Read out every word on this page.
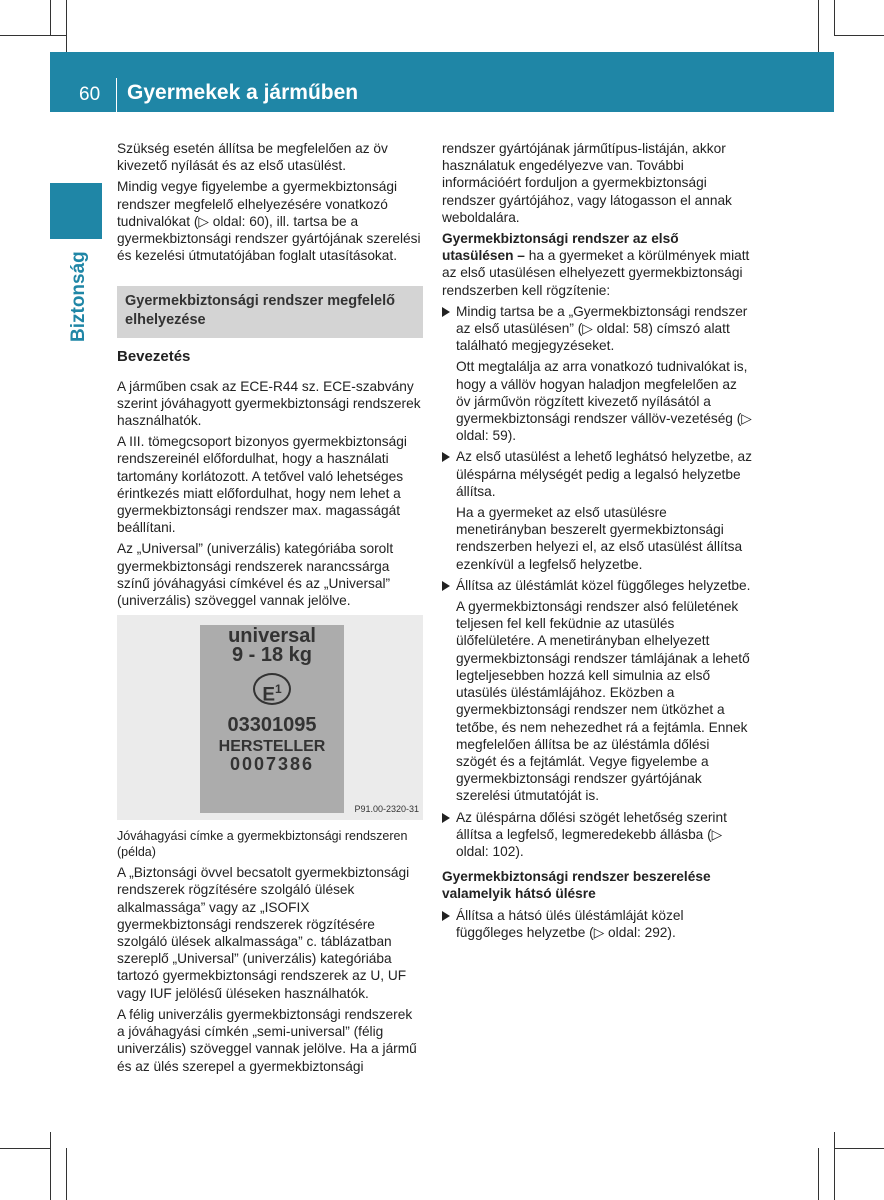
60 Gyermekek a járműben
Biztonság

Szükség esetén állítsa be megfelelően az öv kivezető nyílását és az első utasülést.

Mindig vegye figyelembe a gyermekbiztonsági rendszer megfelelő elhelyezésére vonatkozó tudnivalókat (▷ oldal: 60), ill. tartsa be a gyermekbiztonsági rendszer gyártójának szerelési és kezelési útmutatójában foglalt utasításokat.

Gyermekbiztonsági rendszer megfelelő elhelyezése
Bevezetés

A járműben csak az ECE-R44 sz. ECE-szabvány szerint jóváhagyott gyermekbiztonsági rendszerek használhatók.

A III. tömegcsoport bizonyos gyermekbiztonsági rendszereinél előfordulhat, hogy a használati tartomány korlátozott. A tetővel való lehetséges érintkezés miatt előfordulhat, hogy nem lehet a gyermekbiztonsági rendszer max. magasságát beállítani.

Az „Universal” (univerzális) kategóriába sorolt gyermekbiztonsági rendszerek narancssárga színű jóváhagyási címkével és az „Universal” (univerzális) szöveggel vannak jelölve.

universal
9 - 18 kg
$E^1$
03301095
HERSTELLER
0007386
P91.00-2320-31

Jóváhagyási címke a gyermekbiztonsági rendszeren (példa)

A „Biztonsági övvel becsatolt gyermekbiztonsági rendszerek rögzítésére szolgáló ülések alkalmassága” vagy az „ISOFIX gyermekbiztonsági rendszerek rögzítésére szolgáló ülések alkalmassága” c. táblázatban szereplő „Universal” (univerzális) kategóriába tartozó gyermekbiztonsági rendszerek az U, UF vagy IUF jelölésű üléseken használhatók.

A félig univerzális gyermekbiztonsági rendszerek a jóváhagyási címkén „semi-universal” (félig univerzális) szöveggel vannak jelölve. Ha a jármű és az ülés szerepel a gyermekbiztonsági

rendszer gyártójának járműtípus-listáján, akkor használatuk engedélyezve van. További információért forduljon a gyermekbiztonsági rendszer gyártójához, vagy látogasson el annak weboldalára.

Gyermekbiztonsági rendszer az első utasülésen – ha a gyermeket a körülmények miatt az első utasülésen elhelyezett gyermekbiztonsági rendszerben kell rögzítenie:

Mindig tartsa be a „Gyermekbiztonsági rendszer az első utasülésen” (▷ oldal: 58) címszó alatt található megjegyzéseket.

Ott megtalálja az arra vonatkozó tudnivalókat is, hogy a vállöv hogyan haladjon megfelelően az öv járművön rögzített kivezető nyílásától a gyermekbiztonsági rendszer vállöv-vezetéség (▷ oldal: 59).

Az első utasülést a lehető leghátsó helyzetbe, az üléspárna mélységét pedig a legalsó helyzetbe állítsa.

Ha a gyermeket az első utasülésre menetirányban beszerelt gyermekbiztonsági rendszerben helyezi el, az első utasülést állítsa ezenkívül a legfelső helyzetbe.

Állítsa az üléstámlát közel függőleges helyzetbe.

A gyermekbiztonsági rendszer alsó felületének teljesen fel kell feküdnie az utasülés ülőfelületére. A menetirányban elhelyezett gyermekbiztonsági rendszer támlájának a lehető legteljesebben hozzá kell simulnia az első utasülés üléstámlájához. Eközben a gyermekbiztonsági rendszer nem ütközhet a tetőbe, és nem nehezedhet rá a fejtámla. Ennek megfelelően állítsa be az üléstámla dőlési szögét és a fejtámlát. Vegye figyelembe a gyermekbiztonsági rendszer gyártójának szerelési útmutatóját is.

Az üléspárna dőlési szögét lehetőség szerint állítsa a legfelső, legmeredekebb állásba (▷ oldal: 102).

Gyermekbiztonsági rendszer beszerelése valamelyik hátsó ülésre

Állítsa a hátsó ülés üléstámláját közel függőleges helyzetbe (▷ oldal: 292).
